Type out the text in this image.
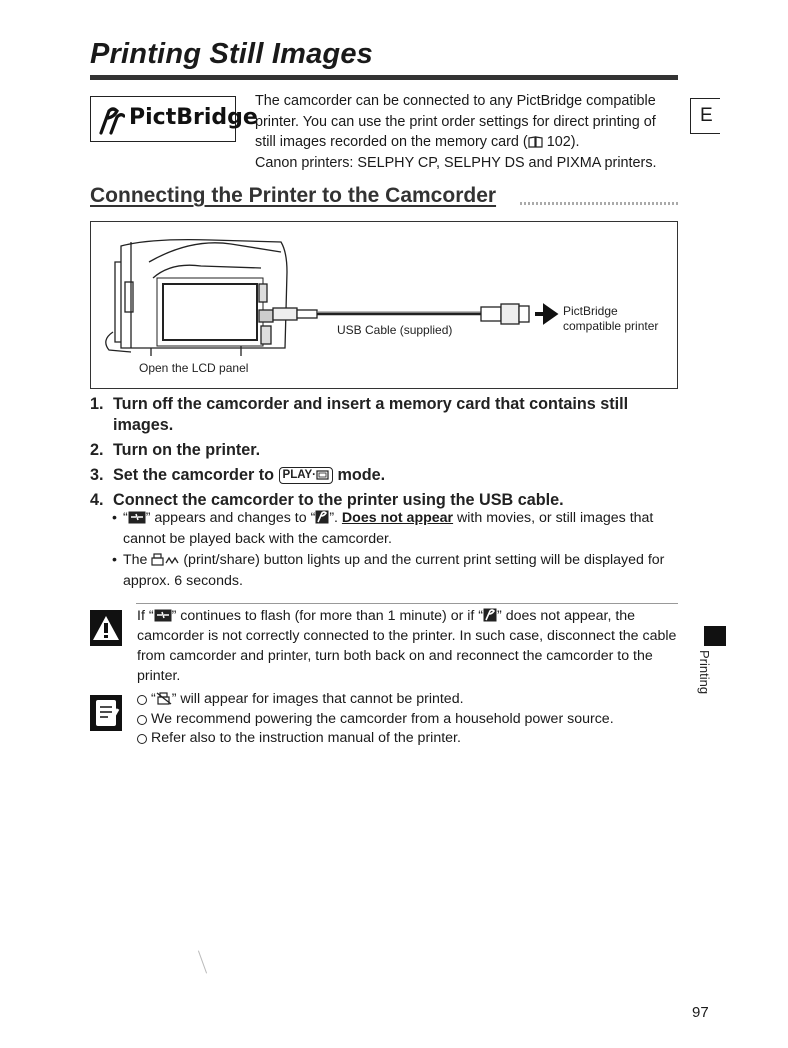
Printing Still Images
PictBridge
The camcorder can be connected to any PictBridge compatible
printer. You can use the print order settings for direct printing of
still images recorded on the memory card ( 102).
Canon printers: SELPHY CP, SELPHY DS and PIXMA printers.
E
Connecting the Printer to the Camcorder
Open the LCD panel
USB Cable (supplied)
PictBridge
compatible printer
1. Turn off the camcorder and insert a memory card that contains still images.
2. Turn on the printer.
3. Set the camcorder to PLAY· mode.
4. Connect the camcorder to the printer using the USB cable.
• “ ” appears and changes to “ ”. Does not appear with movies, or still images that cannot be played back with the camcorder.
• The  (print/share) button lights up and the current print setting will be displayed for approx. 6 seconds.
If “ ” continues to flash (for more than 1 minute) or if “ ” does not appear, the camcorder is not correctly connected to the printer. In such case, disconnect the cable from camcorder and printer, turn both back on and reconnect the camcorder to the printer.
“ ” will appear for images that cannot be printed.
We recommend powering the camcorder from a household power source.
Refer also to the instruction manual of the printer.
Printing
97
